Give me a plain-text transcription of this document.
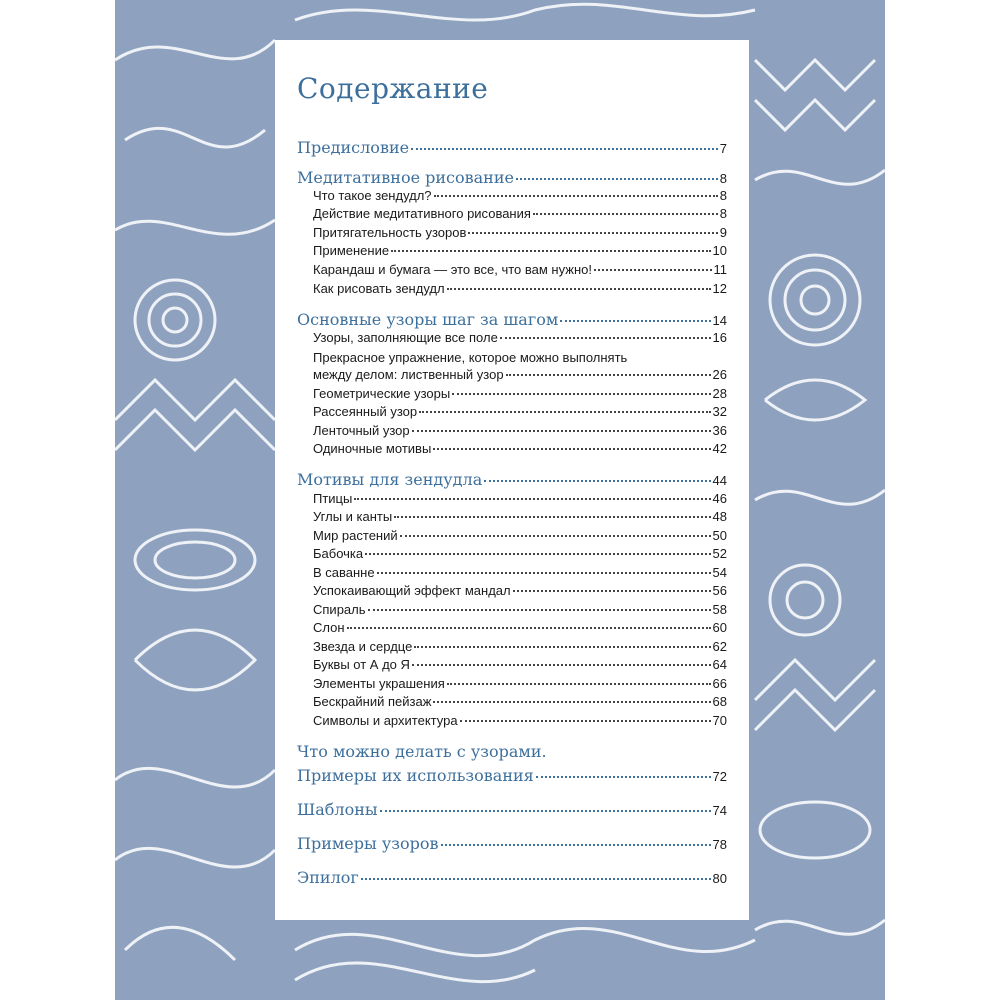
Содержание
Предисловие	7
Медитативное рисование	8
Что такое зендудл?	8
Действие медитативного рисования	8
Притягательность узоров	9
Применение	10
Карандаш и бумага — это все, что вам нужно!	11
Как рисовать зендудл	12
Основные узоры шаг за шагом	14
Узоры, заполняющие все поле	16
Прекрасное упражнение, которое можно выполнять
между делом: лиственный узор	26
Геометрические узоры	28
Рассеянный узор	32
Ленточный узор	36
Одиночные мотивы	42
Мотивы для зендудла	44
Птицы	46
Углы и канты	48
Мир растений	50
Бабочка	52
В саванне	54
Успокаивающий эффект мандал	56
Спираль	58
Слон	60
Звезда и сердце	62
Буквы от А до Я	64
Элементы украшения	66
Бескрайний пейзаж	68
Символы и архитектура	70
Что можно делать с узорами.
Примеры их использования	72
Шаблоны	74
Примеры узоров	78
Эпилог	80
